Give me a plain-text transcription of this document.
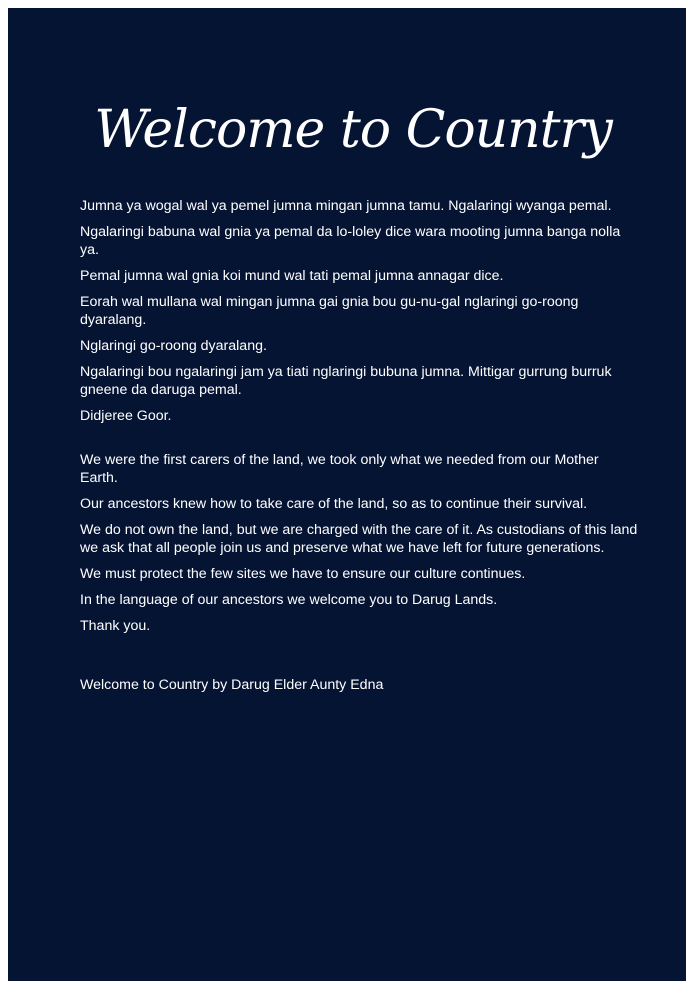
Welcome to Country

Jumna ya wogal wal ya pemel jumna mingan jumna tamu. Ngalaringi wyanga pemal.

Ngalaringi babuna wal gnia ya pemal da lo-loley dice wara mooting jumna banga nolla ya.

Pemal jumna wal gnia koi mund wal tati pemal jumna annagar dice.

Eorah wal mullana wal mingan jumna gai gnia bou gu-nu-gal nglaringi go-roong dyaralang.

Nglaringi go-roong dyaralang.

Ngalaringi bou ngalaringi jam ya tiati nglaringi bubuna jumna. Mittigar gurrung burruk gneene da daruga pemal.

Didjeree Goor.

We were the first carers of the land, we took only what we needed from our Mother Earth.

Our ancestors knew how to take care of the land, so as to continue their survival.

We do not own the land, but we are charged with the care of it. As custodians of this land we ask that all people join us and preserve what we have left for future generations.

We must protect the few sites we have to ensure our culture continues.

In the language of our ancestors we welcome you to Darug Lands.

Thank you.

Welcome to Country by Darug Elder Aunty Edna
